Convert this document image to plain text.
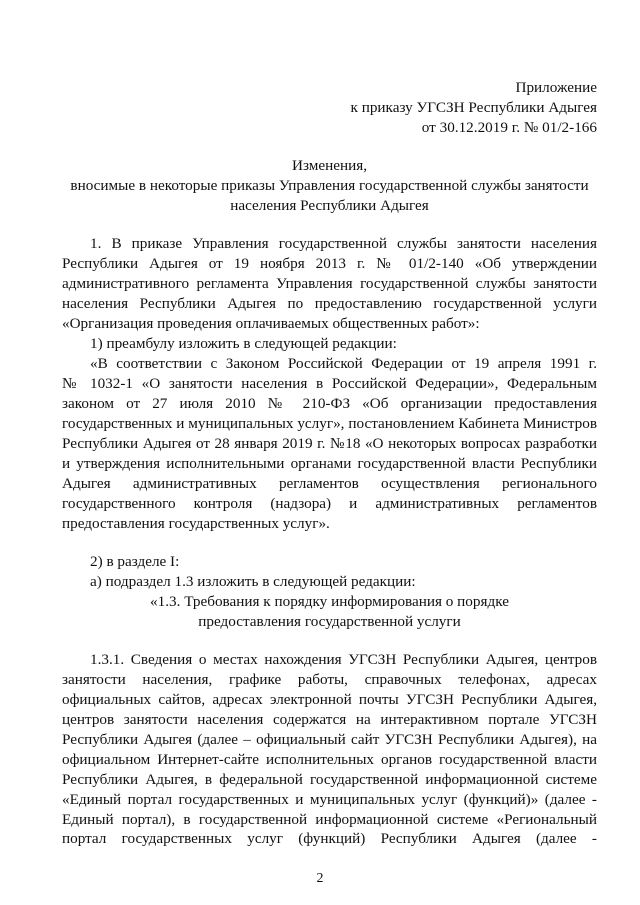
Приложение
к приказу УГСЗН Республики Адыгея
от 30.12.2019 г. № 01/2-166
Изменения,
вносимые в некоторые приказы Управления государственной службы занятости
населения Республики Адыгея
1. В приказе Управления государственной службы занятости населения
Республики Адыгея от 19 ноября 2013 г. № 01/2-140 «Об утверждении
административного регламента Управления государственной службы занятости
населения Республики Адыгея по предоставлению государственной услуги
«Организация проведения оплачиваемых общественных работ»:
1) преамбулу изложить в следующей редакции:
«В соответствии с Законом Российской Федерации от 19 апреля 1991 г.
№ 1032-1 «О занятости населения в Российской Федерации», Федеральным
законом от 27 июля 2010 № 210-ФЗ «Об организации предоставления
государственных и муниципальных услуг», постановлением Кабинета Министров
Республики Адыгея от 28 января 2019 г. №18 «О некоторых вопросах разработки
и утверждения исполнительными органами государственной власти Республики
Адыгея административных регламентов осуществления регионального
государственного контроля (надзора) и административных регламентов
предоставления государственных услуг».
2) в разделе I:
а) подраздел 1.3 изложить в следующей редакции:
«1.3. Требования к порядку информирования о порядке
предоставления государственной услуги
1.3.1. Сведения о местах нахождения УГСЗН Республики Адыгея, центров
занятости населения, графике работы, справочных телефонах, адресах
официальных сайтов, адресах электронной почты УГСЗН Республики Адыгея,
центров занятости населения содержатся на интерактивном портале УГСЗН
Республики Адыгея (далее – официальный сайт УГСЗН Республики Адыгея), на
официальном Интернет-сайте исполнительных органов государственной власти
Республики Адыгея, в федеральной государственной информационной системе
«Единый портал государственных и муниципальных услуг (функций)» (далее -
Единый портал), в государственной информационной системе «Региональный
портал государственных услуг (функций) Республики Адыгея (далее -
2
